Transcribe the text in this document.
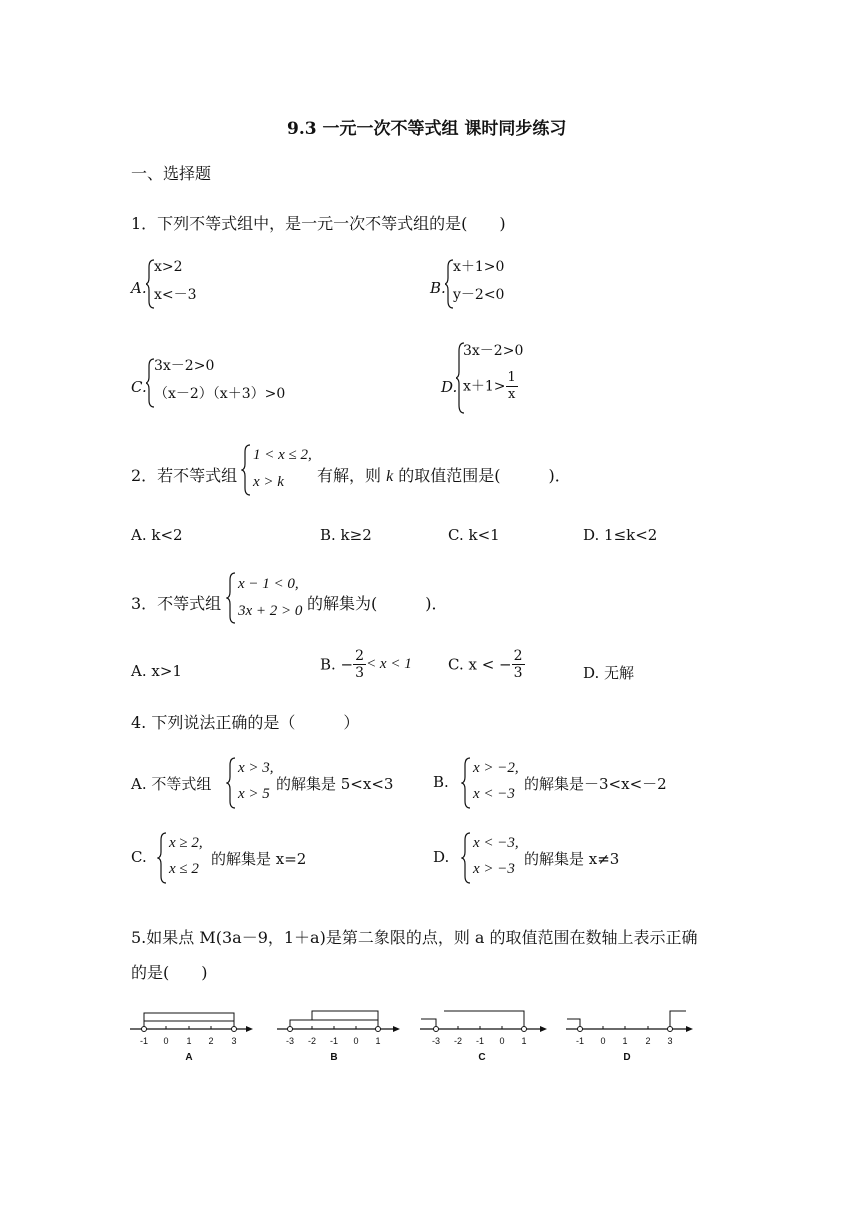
9.3 一元一次不等式组 课时同步练习
一、选择题
1．下列不等式组中，是一元一次不等式组的是(　　)
A.
x>2
x<－3	B.
x＋1>0
y－2<0
C.
3x－2>0
（x－2）（x＋3）>0	D.
3x－2>0
$x+1> \frac{1}{x}$
2．若不等式组
1 < x ≤ 2,
x > k 有解，则 k 的取值范围是(　　　)．
A. k<2	B. k≥2	C. k<1	D. 1≤k<2
3．不等式组
x − 1 < 0,
3x + 2 > 0 的解集为(　　　)．
A. x>1	B. − $\frac{2}{3} < x < 1$ C. x < − $\frac{2}{3}$	D. 无解
4. 下列说法正确的是（　　　）
A. 不等式组
x > 3,
x > 5
的解集是 5<x<3	B.
x > −2,
x < −3
的解集是－3<x<－2
C.
x ≥ 2,
x ≤ 2
的解集是 x=2	D.
x < −3,
x > −3
的解集是 x≠3
5.如果点 M(3a－9，1＋a)是第二象限的点，则 a 的取值范围在数轴上表示正确
的是(　　)
-1 0 1 2 3
A
-3 -2 -1 0 1
B
-3 -2 -1 0 1
C
-1 0 1 2 3
D
